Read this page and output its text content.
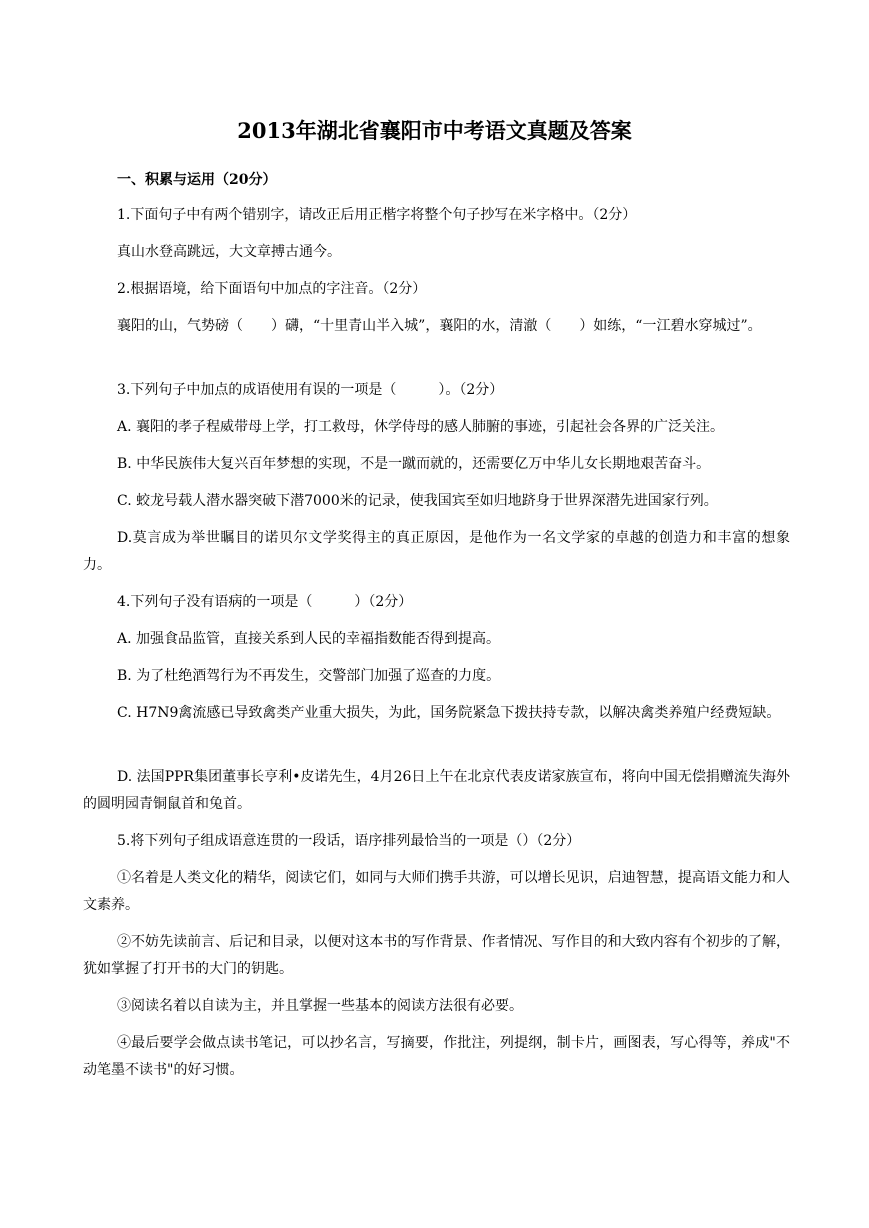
2013年湖北省襄阳市中考语文真题及答案
一、积累与运用（20分）
1.下面句子中有两个错别字，请改正后用正楷字将整个句子抄写在米字格中。（2分）
真山水登高跳远，大文章搏古通今。
2.根据语境，给下面语句中加点的字注音。（2分）
襄阳的山，气势磅（　　）礴，“十里青山半入城”，襄阳的水，清澈（　　）如练，“一江碧水穿城过”。
3.下列句子中加点的成语使用有误的一项是（　　　）。（2分）
A. 襄阳的孝子程威带母上学，打工救母，休学侍母的感人肺腑的事迹，引起社会各界的广泛关注。
B. 中华民族伟大复兴百年梦想的实现，不是一蹴而就的，还需要亿万中华儿女长期地艰苦奋斗。
C. 蛟龙号载人潜水器突破下潜7000米的记录，使我国宾至如归地跻身于世界深潜先进国家行列。
D.莫言成为举世瞩目的诺贝尔文学奖得主的真正原因，是他作为一名文学家的卓越的创造力和丰富的想象力。
4.下列句子没有语病的一项是（　　　）（2分）
A. 加强食品监管，直接关系到人民的幸福指数能否得到提高。
B. 为了杜绝酒驾行为不再发生，交警部门加强了巡查的力度。
C. H7N9禽流感已导致禽类产业重大损失，为此，国务院紧急下拨扶持专款，以解决禽类养殖户经费短缺。
D. 法国PPR集团董事长亨利•皮诺先生，4月26日上午在北京代表皮诺家族宣布，将向中国无偿捐赠流失海外的圆明园青铜鼠首和兔首。
5.将下列句子组成语意连贯的一段话，语序排列最恰当的一项是（）（2分）
①名着是人类文化的精华，阅读它们，如同与大师们携手共游，可以增长见识，启迪智慧，提高语文能力和人文素养。
②不妨先读前言、后记和目录，以便对这本书的写作背景、作者情况、写作目的和大致内容有个初步的了解，犹如掌握了打开书的大门的钥匙。
③阅读名着以自读为主，并且掌握一些基本的阅读方法很有必要。
④最后要学会做点读书笔记，可以抄名言，写摘要，作批注，列提纲，制卡片，画图表，写心得等，养成"不动笔墨不读书"的好习惯。
